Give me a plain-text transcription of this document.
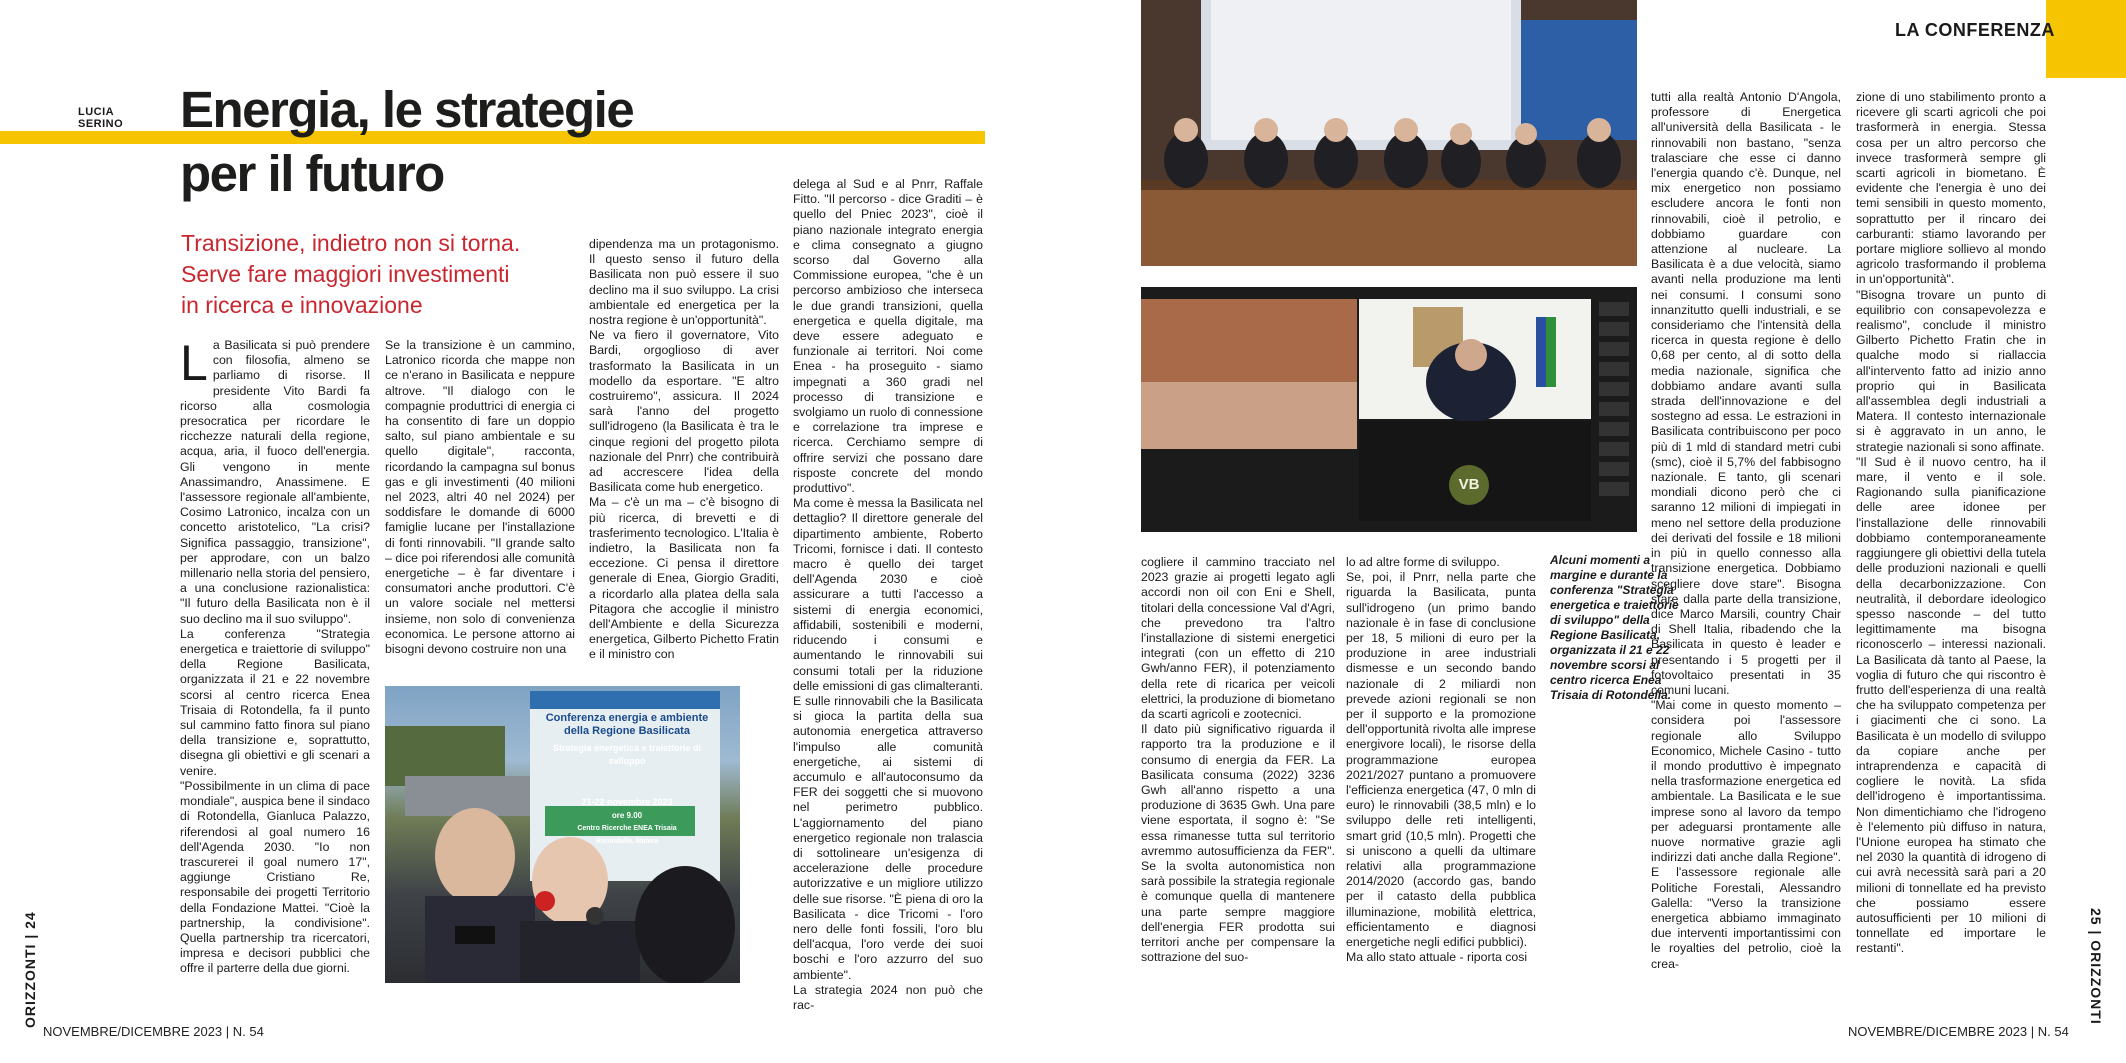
LUCIA
SERINO Energia, le strategie
per il futuro
Transizione, indietro non si torna.
Serve fare maggiori investimenti
in ricerca e innovazione
LA CONFERENZA

La Basilicata si può prendere con filosofia, almeno se parliamo di risorse. Il presidente Vito Bardi fa ricorso alla cosmologia presocratica per ricordare le ricchezze naturali della regione, acqua, aria, il fuoco dell'energia. Gli vengono in mente Anassimandro, Anassimene. E l'assessore regionale all'ambiente, Cosimo Latronico, incalza con un concetto aristotelico, "La crisi? Significa passaggio, transizione", per approdare, con un balzo millenario nella storia del pensiero, a una conclusione razionalistica: "Il futuro della Basilicata non è il suo declino ma il suo sviluppo".

La conferenza "Strategia energetica e traiettorie di sviluppo" della Regione Basilicata, organizzata il 21 e 22 novembre scorsi al centro ricerca Enea Trisaia di Rotondella, fa il punto sul cammino fatto finora sul piano della transizione e, soprattutto, disegna gli obiettivi e gli scenari a venire.

"Possibilmente in un clima di pace mondiale", auspica bene il sindaco di Rotondella, Gianluca Palazzo, riferendosi al goal numero 16 dell'Agenda 2030. "Io non trascurerei il goal numero 17", aggiunge Cristiano Re, responsabile dei progetti Territorio della Fondazione Mattei. "Cioè la partnership, la condivisione". Quella partnership tra ricercatori, impresa e decisori pubblici che offre il parterre della due giorni.

Se la transizione è un cammino, Latronico ricorda che mappe non ce n'erano in Basilicata e neppure altrove. "Il dialogo con le compagnie produttrici di energia ci ha consentito di fare un doppio salto, sul piano ambientale e su quello digitale", racconta, ricordando la campagna sul bonus gas e gli investimenti (40 milioni nel 2023, altri 40 nel 2024) per soddisfare le domande di 6000 famiglie lucane per l'installazione di fonti rinnovabili. "Il grande salto – dice poi riferendosi alle comunità energetiche – è far diventare i consumatori anche produttori. C'è un valore sociale nel mettersi insieme, non solo di convenienza economica. Le persone attorno ai bisogni devono costruire non una

Conferenza energia e ambiente
della Regione Basilicata
Strategia energetica e traiettorie di sviluppo
21-22 novembre 2023
ore 9.00
Centro Ricerche ENEA Trisaia
Rotondella, Matera

dipendenza ma un protagonismo. Il questo senso il futuro della Basilicata non può essere il suo declino ma il suo sviluppo. La crisi ambientale ed energetica per la nostra regione è un'opportunità".

Ne va fiero il governatore, Vito Bardi, orgoglioso di aver trasformato la Basilicata in un modello da esportare. "E altro costruiremo", assicura. Il 2024 sarà l'anno del progetto sull'idrogeno (la Basilicata è tra le cinque regioni del progetto pilota nazionale del Pnrr) che contribuirà ad accrescere l'idea della Basilicata come hub energetico.

Ma – c'è un ma – c'è bisogno di più ricerca, di brevetti e di trasferimento tecnologico. L'Italia è indietro, la Basilicata non fa eccezione. Ci pensa il direttore generale di Enea, Giorgio Graditi, a ricordarlo alla platea della sala Pitagora che accoglie il ministro dell'Ambiente e della Sicurezza energetica, Gilberto Pichetto Fratin e il ministro con

delega al Sud e al Pnrr, Raffale Fitto. "Il percorso - dice Graditi – è quello del Pniec 2023", cioè il piano nazionale integrato energia e clima consegnato a giugno scorso dal Governo alla Commissione europea, "che è un percorso ambizioso che interseca le due grandi transizioni, quella energetica e quella digitale, ma deve essere adeguato e funzionale ai territori. Noi come Enea - ha proseguito - siamo impegnati a 360 gradi nel processo di transizione e svolgiamo un ruolo di connessione e correlazione tra imprese e ricerca. Cerchiamo sempre di offrire servizi che possano dare risposte concrete del mondo produttivo".

Ma come è messa la Basilicata nel dettaglio? Il direttore generale del dipartimento ambiente, Roberto Tricomi, fornisce i dati. Il contesto macro è quello dei target dell'Agenda 2030 e cioè assicurare a tutti l'accesso a sistemi di energia economici, affidabili, sostenibili e moderni, riducendo i consumi e aumentando le rinnovabili sui consumi totali per la riduzione delle emissioni di gas climalteranti. E sulle rinnovabili che la Basilicata si gioca la partita della sua autonomia energetica attraverso l'impulso alle comunità energetiche, ai sistemi di accumulo e all'autoconsumo da FER dei soggetti che si muovono nel perimetro pubblico. L'aggiornamento del piano energetico regionale non tralascia di sottolineare un'esigenza di accelerazione delle procedure autorizzative e un migliore utilizzo delle sue risorse. "È piena di oro la Basilicata - dice Tricomi - l'oro nero delle fonti fossili, l'oro blu dell'acqua, l'oro verde dei suoi boschi e l'oro azzurro del suo ambiente".

La strategia 2024 non può che rac-

VB

cogliere il cammino tracciato nel 2023 grazie ai progetti legato agli accordi non oil con Eni e Shell, titolari della concessione Val d'Agri, che prevedono tra l'altro l'installazione di sistemi energetici integrati (con un effetto di 210 Gwh/anno FER), il potenziamento della rete di ricarica per veicoli elettrici, la produzione di biometano da scarti agricoli e zootecnici.

Il dato più significativo riguarda il rapporto tra la produzione e il consumo di energia da FER. La Basilicata consuma (2022) 3236 Gwh all'anno rispetto a una produzione di 3635 Gwh. Una pare viene esportata, il sogno è: "Se essa rimanesse tutta sul territorio avremmo autosufficienza da FER". Se la svolta autonomistica non sarà possibile la strategia regionale è comunque quella di mantenere una parte sempre maggiore dell'energia FER prodotta sui territori anche per compensare la sottrazione del suo-

lo ad altre forme di sviluppo.

Se, poi, il Pnrr, nella parte che riguarda la Basilicata, punta sull'idrogeno (un primo bando nazionale è in fase di conclusione per 18, 5 milioni di euro per la produzione in aree industriali dismesse e un secondo bando nazionale di 2 miliardi non prevede azioni regionali se non per il supporto e la promozione dell'opportunità rivolta alle imprese energivore locali), le risorse della programmazione europea 2021/2027 puntano a promuovere l'efficienza energetica (47, 0 mln di euro) le rinnovabili (38,5 mln) e lo sviluppo delle reti intelligenti, smart grid (10,5 mln). Progetti che si uniscono a quelli da ultimare relativi alla programmazione 2014/2020 (accordo gas, bando per il catasto della pubblica illuminazione, mobilità elettrica, efficientamento e diagnosi energetiche negli edifici pubblici).

Ma allo stato attuale - riporta cosi

Alcuni momenti a margine e durante la conferenza "Strategia energetica e traiettorie di sviluppo" della Regione Basilicata, organizzata il 21 e 22 novembre scorsi al centro ricerca Enea Trisaia di Rotondella.

tutti alla realtà Antonio D'Angola, professore di Energetica all'università della Basilicata - le rinnovabili non bastano, "senza tralasciare che esse ci danno l'energia quando c'è. Dunque, nel mix energetico non possiamo escludere ancora le fonti non rinnovabili, cioè il petrolio, e dobbiamo guardare con attenzione al nucleare. La Basilicata è a due velocità, siamo avanti nella produzione ma lenti nei consumi. I consumi sono innanzitutto quelli industriali, e se consideriamo che l'intensità della ricerca in questa regione è dello 0,68 per cento, al di sotto della media nazionale, significa che dobbiamo andare avanti sulla strada dell'innovazione e del sostegno ad essa. Le estrazioni in Basilicata contribuiscono per poco più di 1 mld di standard metri cubi (smc), cioè il 5,7% del fabbisogno nazionale. E tanto, gli scenari mondiali dicono però che ci saranno 12 milioni di impiegati in meno nel settore della produzione dei derivati del fossile e 18 milioni in più in quello connesso alla transizione energetica. Dobbiamo scegliere dove stare". Bisogna stare dalla parte della transizione, dice Marco Marsili, country Chair di Shell Italia, ribadendo che la Basilicata in questo è leader e presentando i 5 progetti per il fotovoltaico presentati in 35 comuni lucani.

"Mai come in questo momento – considera poi l'assessore regionale allo Sviluppo Economico, Michele Casino - tutto il mondo produttivo è impegnato nella trasformazione energetica ed ambientale. La Basilicata e le sue imprese sono al lavoro da tempo per adeguarsi prontamente alle nuove normative grazie agli indirizzi dati anche dalla Regione". E l'assessore regionale alle Politiche Forestali, Alessandro Galella: "Verso la transizione energetica abbiamo immaginato due interventi importantissimi con le royalties del petrolio, cioè la crea-

zione di uno stabilimento pronto a ricevere gli scarti agricoli che poi trasformerà in energia. Stessa cosa per un altro percorso che invece trasformerà sempre gli scarti agricoli in biometano. È evidente che l'energia è uno dei temi sensibili in questo momento, soprattutto per il rincaro dei carburanti: stiamo lavorando per portare migliore sollievo al mondo agricolo trasformando il problema in un'opportunità".

"Bisogna trovare un punto di equilibrio con consapevolezza e realismo", conclude il ministro Gilberto Pichetto Fratin che in qualche modo si riallaccia all'intervento fatto ad inizio anno proprio qui in Basilicata all'assemblea degli industriali a Matera. Il contesto internazionale si è aggravato in un anno, le strategie nazionali si sono affinate.

"Il Sud è il nuovo centro, ha il mare, il vento e il sole. Ragionando sulla pianificazione delle aree idonee per l'installazione delle rinnovabili dobbiamo contemporaneamente raggiungere gli obiettivi della tutela delle produzioni nazionali e quelli della decarbonizzazione. Con neutralità, il debordare ideologico spesso nasconde – del tutto legittimamente ma bisogna riconoscerlo – interessi nazionali. La Basilicata dà tanto al Paese, la voglia di futuro che qui riscontro è frutto dell'esperienza di una realtà che ha sviluppato competenza per i giacimenti che ci sono. La Basilicata è un modello di sviluppo da copiare anche per intraprendenza e capacità di cogliere le novità. La sfida dell'idrogeno è importantissima. Non dimentichiamo che l'idrogeno è l'elemento più diffuso in natura, l'Unione europea ha stimato che nel 2030 la quantità di idrogeno di cui avrà necessità sarà pari a 20 milioni di tonnellate ed ha previsto che possiamo essere autosufficienti per 10 milioni di tonnellate ed importare le restanti".

ORIZZONTI | 24
NOVEMBRE/DICEMBRE 2023 | N. 54
25 | ORIZZONTI
NOVEMBRE/DICEMBRE 2023 | N. 54
